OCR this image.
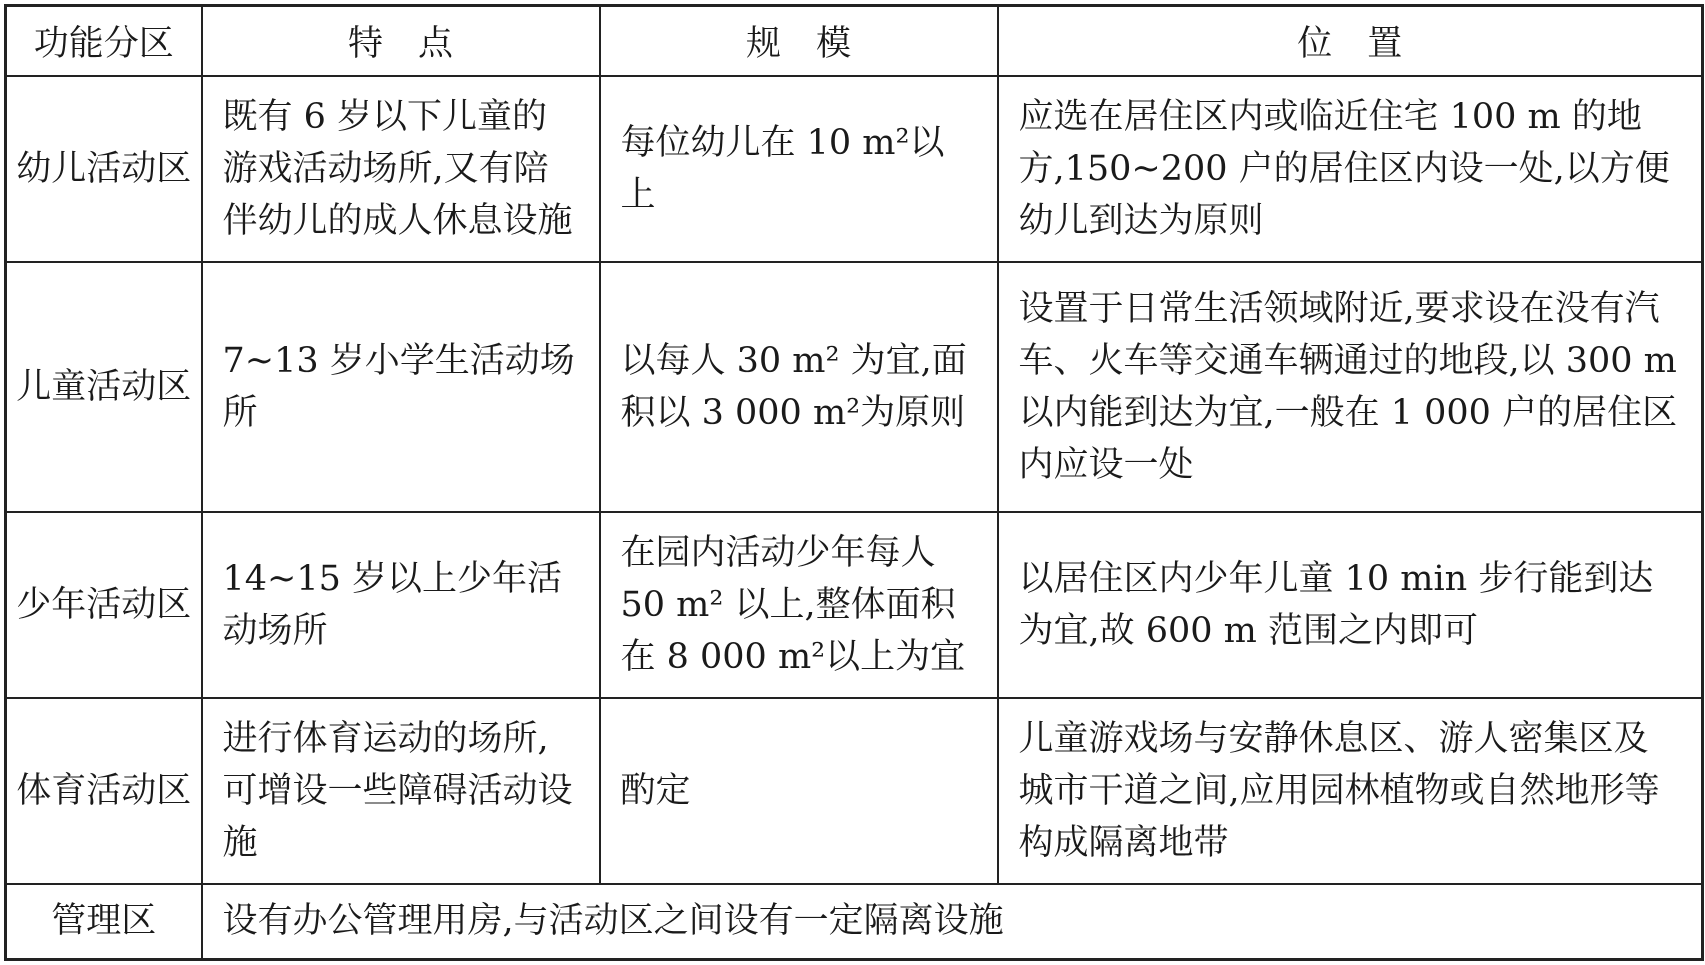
功能分区	特　点	规　模	位　置
幼儿活动区	既有 6 岁以下儿童的游戏活动场所,又有陪伴幼儿的成人休息设施	每位幼儿在 10 m²以上	应选在居住区内或临近住宅 100 m 的地方,150~200 户的居住区内设一处,以方便幼儿到达为原则
儿童活动区	7~13 岁小学生活动场所	以每人 30 m² 为宜,面积以 3 000 m²为原则	设置于日常生活领域附近,要求设在没有汽车、火车等交通车辆通过的地段,以 300 m 以内能到达为宜,一般在 1 000 户的居住区内应设一处
少年活动区	14~15 岁以上少年活动场所	在园内活动少年每人 50 m² 以上,整体面积在 8 000 m²以上为宜	以居住区内少年儿童 10 min 步行能到达为宜,故 600 m 范围之内即可
体育活动区	进行体育运动的场所,可增设一些障碍活动设施	酌定	儿童游戏场与安静休息区、游人密集区及城市干道之间,应用园林植物或自然地形等构成隔离地带
管理区	设有办公管理用房,与活动区之间设有一定隔离设施		
